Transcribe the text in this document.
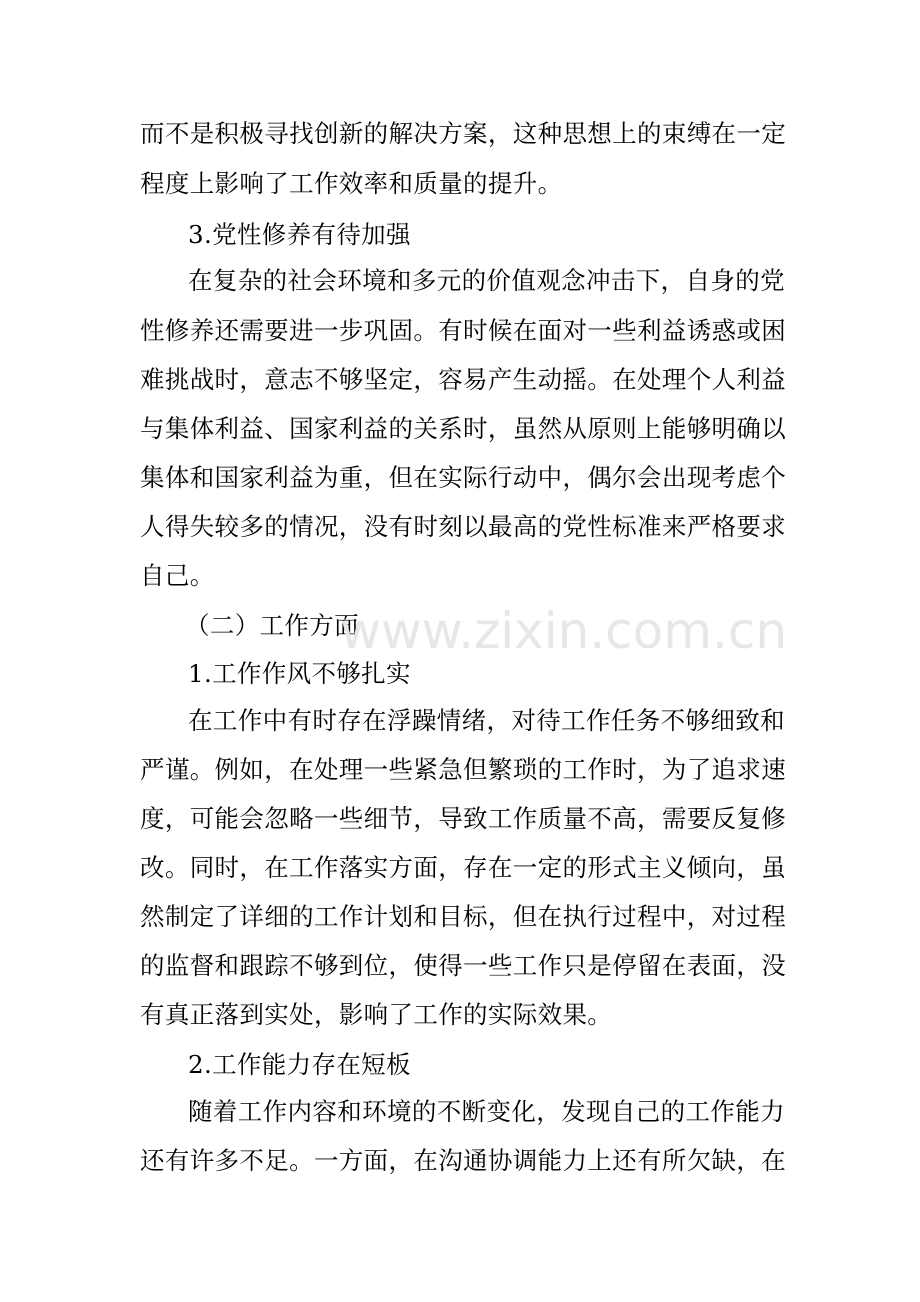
而不是积极寻找创新的解决方案，这种思想上的束缚在一定
程度上影响了工作效率和质量的提升。
3.党性修养有待加强
在复杂的社会环境和多元的价值观念冲击下，自身的党
性修养还需要进一步巩固。有时候在面对一些利益诱惑或困
难挑战时，意志不够坚定，容易产生动摇。在处理个人利益
与集体利益、国家利益的关系时，虽然从原则上能够明确以
集体和国家利益为重，但在实际行动中，偶尔会出现考虑个
人得失较多的情况，没有时刻以最高的党性标准来严格要求
自己。
（二）工作方面
1.工作作风不够扎实
在工作中有时存在浮躁情绪，对待工作任务不够细致和
严谨。例如，在处理一些紧急但繁琐的工作时，为了追求速
度，可能会忽略一些细节，导致工作质量不高，需要反复修
改。同时，在工作落实方面，存在一定的形式主义倾向，虽
然制定了详细的工作计划和目标，但在执行过程中，对过程
的监督和跟踪不够到位，使得一些工作只是停留在表面，没
有真正落到实处，影响了工作的实际效果。
2.工作能力存在短板
随着工作内容和环境的不断变化，发现自己的工作能力
还有许多不足。一方面，在沟通协调能力上还有所欠缺，在
www.zixin.com.cn
